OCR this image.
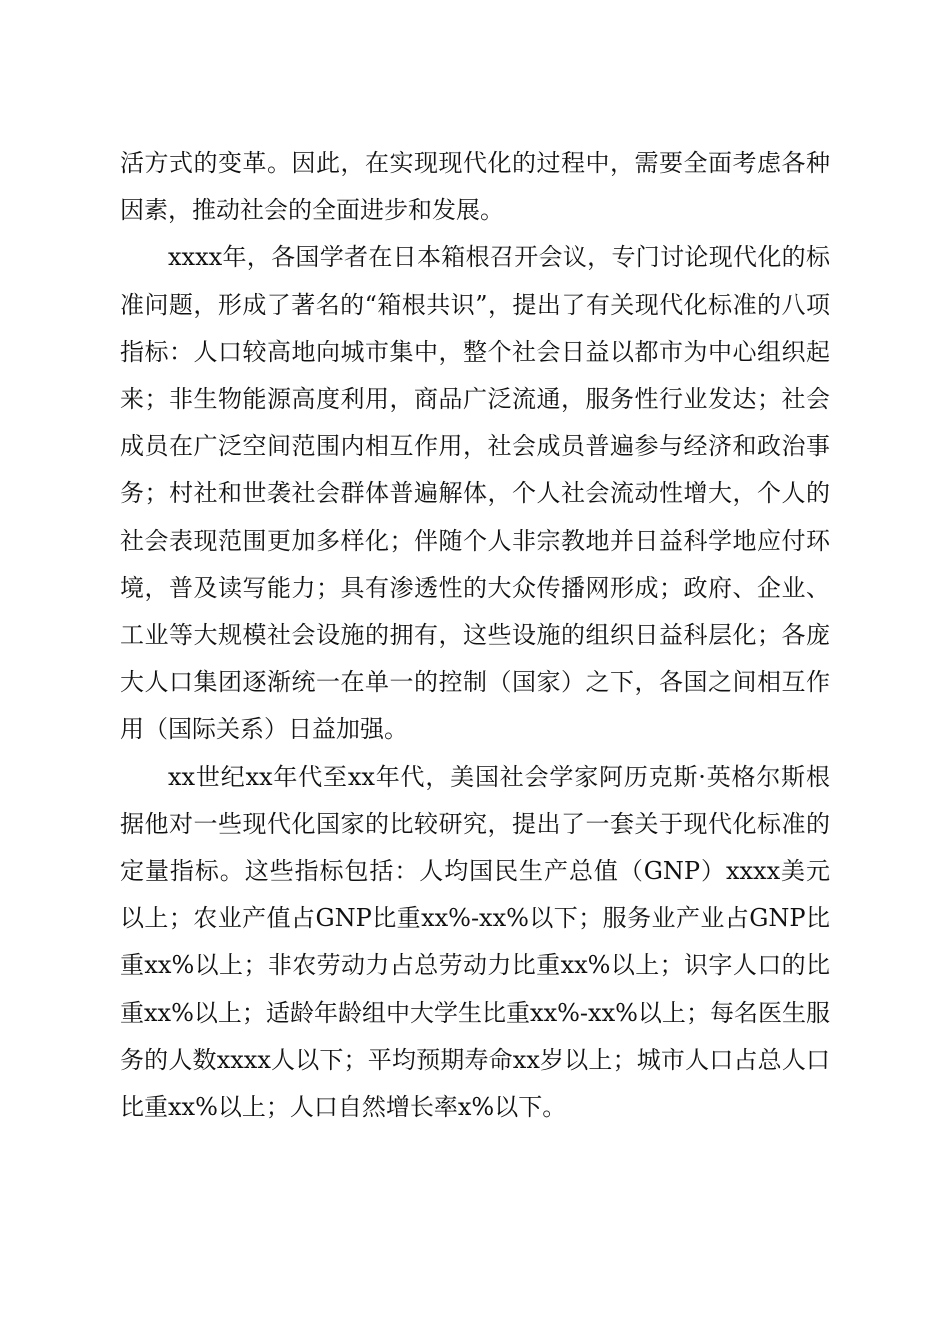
活方式的变革。因此，在实现现代化的过程中，需要全面考虑各种因素，推动社会的全面进步和发展。

xxxx年，各国学者在日本箱根召开会议，专门讨论现代化的标准问题，形成了著名的“箱根共识”，提出了有关现代化标准的八项指标：人口较高地向城市集中，整个社会日益以都市为中心组织起来；非生物能源高度利用，商品广泛流通，服务性行业发达；社会成员在广泛空间范围内相互作用，社会成员普遍参与经济和政治事务；村社和世袭社会群体普遍解体，个人社会流动性增大，个人的社会表现范围更加多样化；伴随个人非宗教地并日益科学地应付环境，普及读写能力；具有渗透性的大众传播网形成；政府、企业、工业等大规模社会设施的拥有，这些设施的组织日益科层化；各庞大人口集团逐渐统一在单一的控制（国家）之下，各国之间相互作用（国际关系）日益加强。

xx世纪xx年代至xx年代，美国社会学家阿历克斯·英格尔斯根据他对一些现代化国家的比较研究，提出了一套关于现代化标准的定量指标。这些指标包括：人均国民生产总值（GNP）xxxx美元以上；农业产值占GNP比重xx%-xx%以下；服务业产业占GNP比重xx%以上；非农劳动力占总劳动力比重xx%以上；识字人口的比重xx%以上；适龄年龄组中大学生比重xx%-xx%以上；每名医生服务的人数xxxx人以下；平均预期寿命xx岁以上；城市人口占总人口比重xx%以上；人口自然增长率x%以下。
